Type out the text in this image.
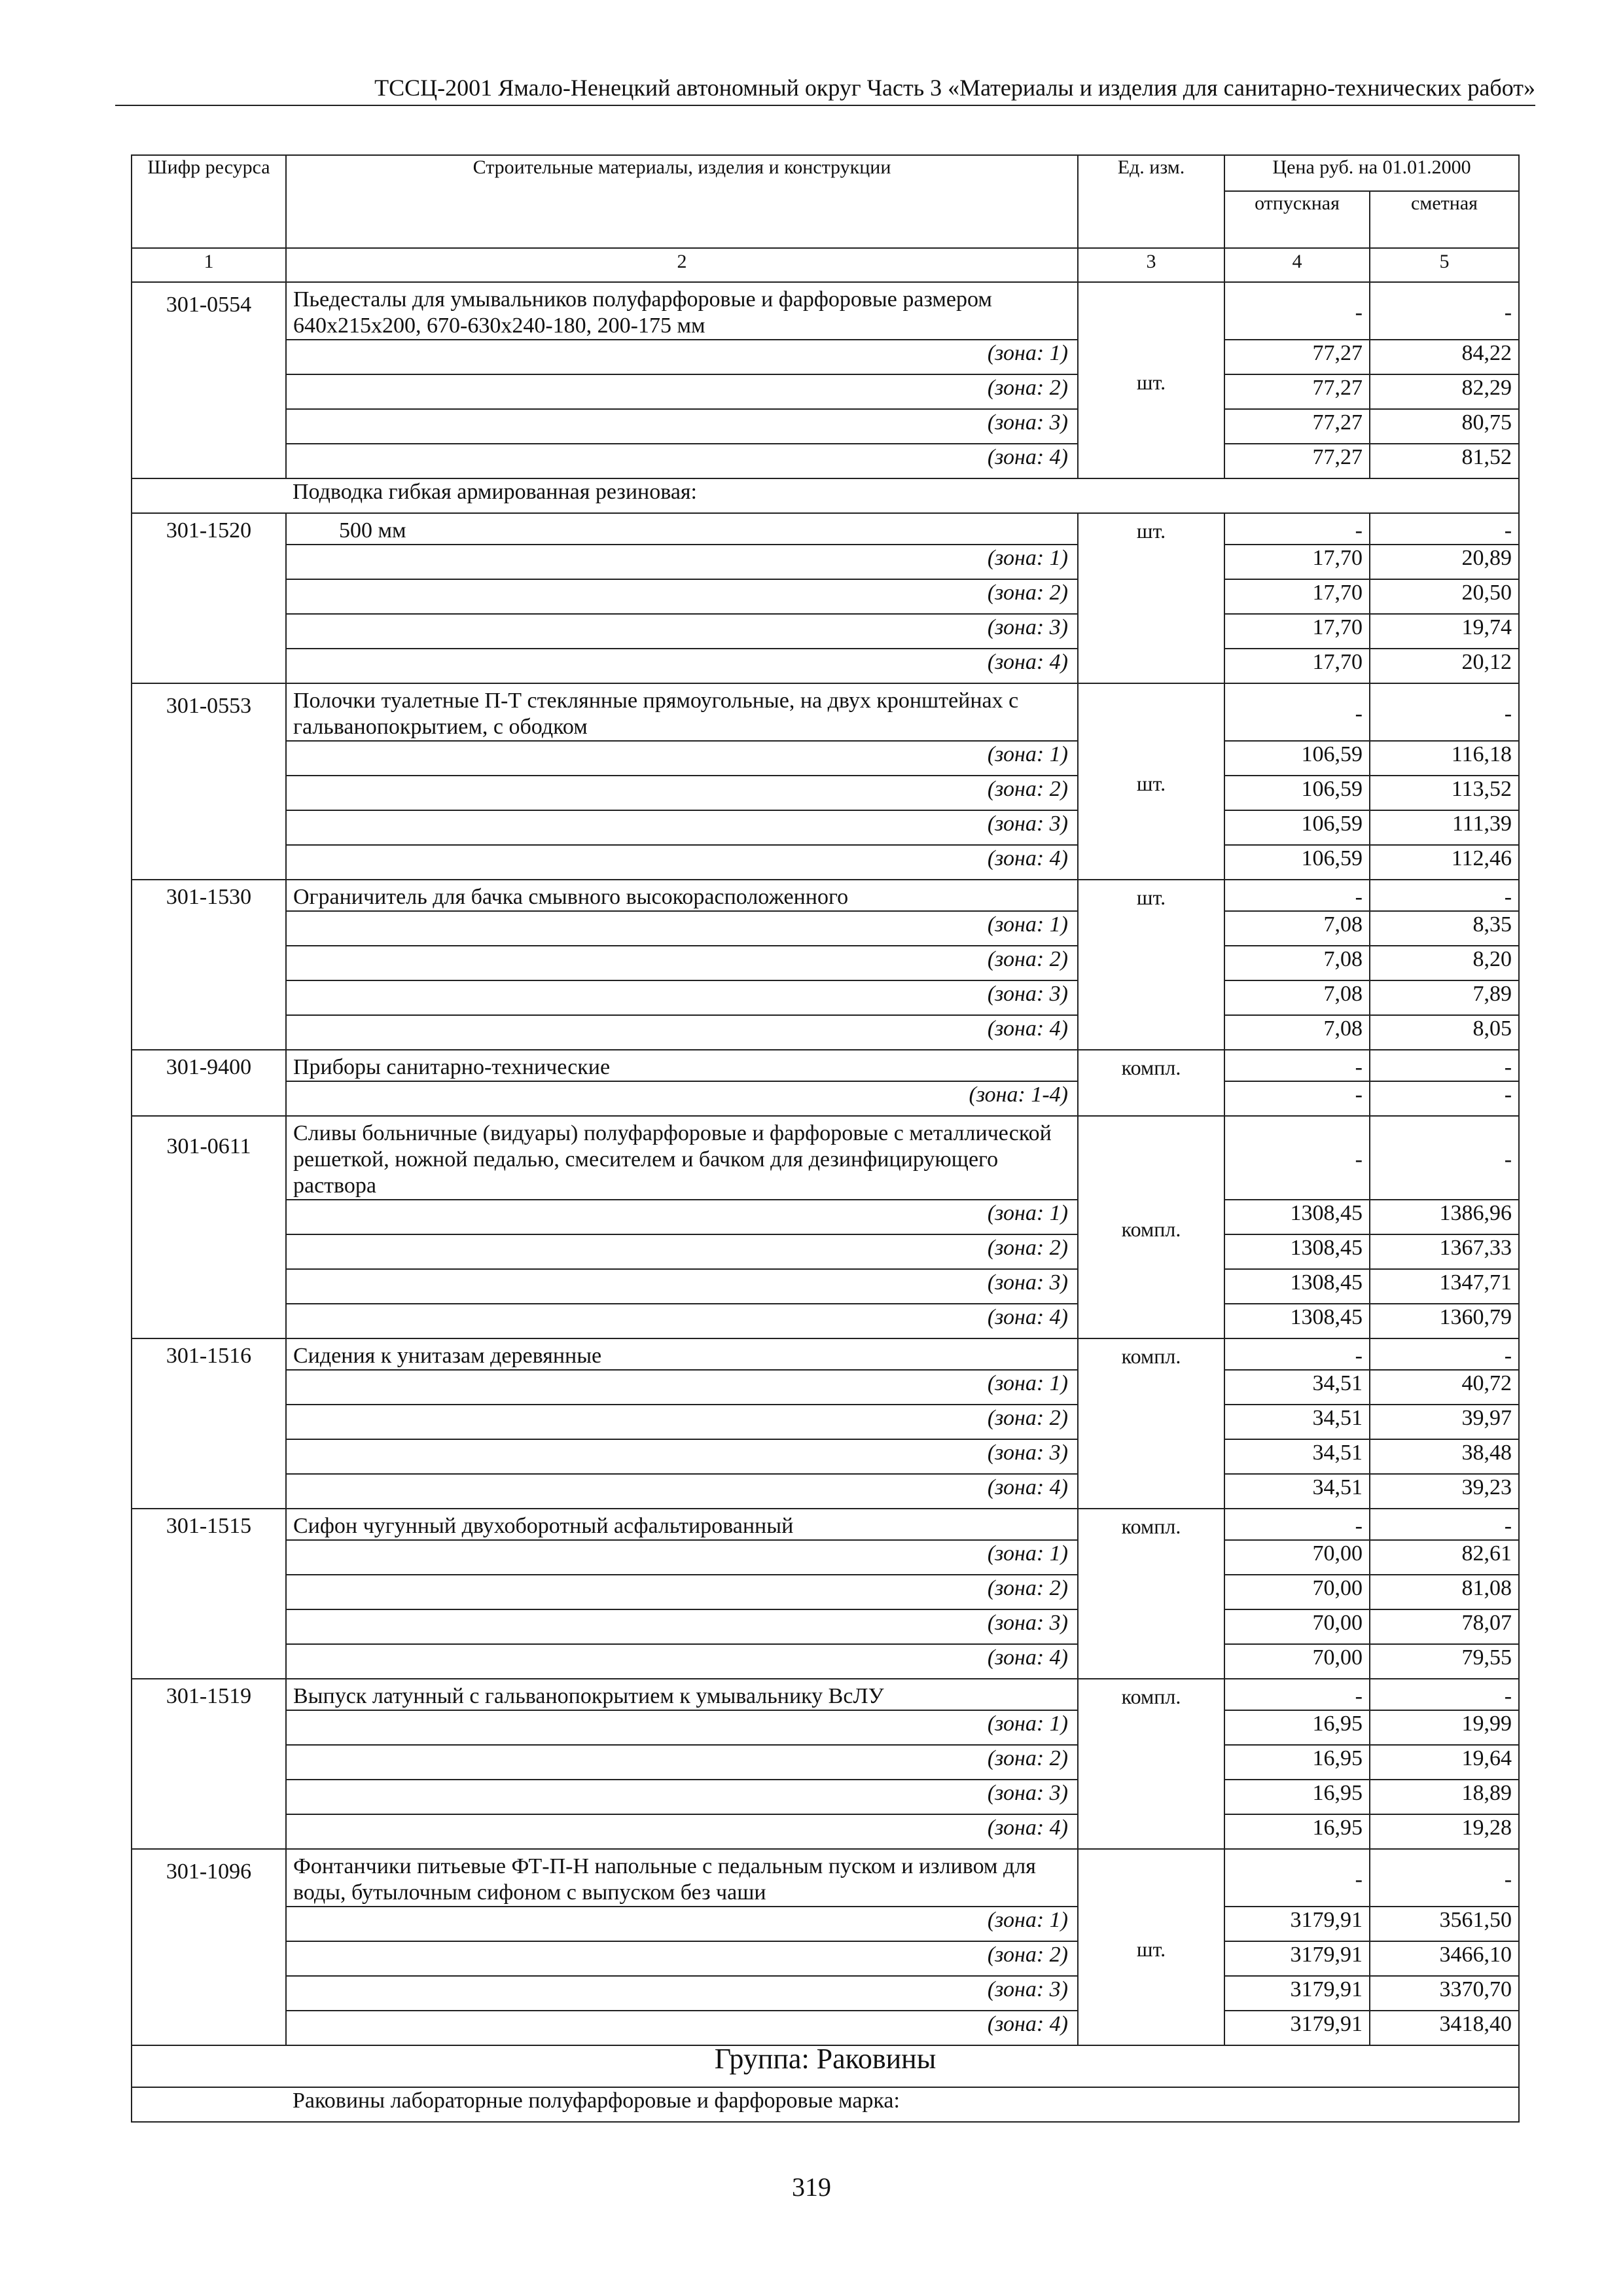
ТССЦ-2001 Ямало-Ненецкий автономный округ Часть 3 «Материалы и изделия для санитарно-технических работ»
Шифр ресурса	Строительные материалы, изделия и конструкции	Ед. изм.	Цена руб. на 01.01.2000	
			отпускная	сметная
1	2	3	4	5
301-0554	Пьедесталы для умывальников полуфарфоровые и фарфоровые размером 640x215x200, 670-630x240-180, 200-175 мм	шт.	-	-
	(зона: 1)		77,27	84,22
	(зона: 2)		77,27	82,29
	(зона: 3)		77,27	80,75
	(зона: 4)		77,27	81,52
	Подводка гибкая армированная резиновая:			
301-1520	500 мм	шт.	-	-
	(зона: 1)		17,70	20,89
	(зона: 2)		17,70	20,50
	(зона: 3)		17,70	19,74
	(зона: 4)		17,70	20,12
301-0553	Полочки туалетные П-Т стеклянные прямоугольные, на двух кронштейнах с гальванопокрытием, с ободком	шт.	-	-
	(зона: 1)		106,59	116,18
	(зона: 2)		106,59	113,52
	(зона: 3)		106,59	111,39
	(зона: 4)		106,59	112,46
301-1530	Ограничитель для бачка смывного высокорасположенного	шт.	-	-
	(зона: 1)		7,08	8,35
	(зона: 2)		7,08	8,20
	(зона: 3)		7,08	7,89
	(зона: 4)		7,08	8,05
301-9400	Приборы санитарно-технические	компл.	-	-
	(зона: 1-4)		-	-
301-0611	Сливы больничные (видуары) полуфарфоровые и фарфоровые с металлической решеткой, ножной педалью, смесителем и бачком для дезинфицирующего раствора	компл.	-	-
	(зона: 1)		1308,45	1386,96
	(зона: 2)		1308,45	1367,33
	(зона: 3)		1308,45	1347,71
	(зона: 4)		1308,45	1360,79
301-1516	Сидения к унитазам деревянные	компл.	-	-
	(зона: 1)		34,51	40,72
	(зона: 2)		34,51	39,97
	(зона: 3)		34,51	38,48
	(зона: 4)		34,51	39,23
301-1515	Сифон чугунный двухоборотный асфальтированный	компл.	-	-
	(зона: 1)		70,00	82,61
	(зона: 2)		70,00	81,08
	(зона: 3)		70,00	78,07
	(зона: 4)		70,00	79,55
301-1519	Выпуск латунный с гальванопокрытием к умывальнику ВсЛУ	компл.	-	-
	(зона: 1)		16,95	19,99
	(зона: 2)		16,95	19,64
	(зона: 3)		16,95	18,89
	(зона: 4)		16,95	19,28
301-1096	Фонтанчики питьевые ФТ-П-Н напольные с педальным пуском и изливом для воды, бутылочным сифоном с выпуском без чаши	шт.	-	-
	(зона: 1)		3179,91	3561,50
	(зона: 2)		3179,91	3466,10
	(зона: 3)		3179,91	3370,70
	(зона: 4)		3179,91	3418,40
Группа: Раковины				
	Раковины лабораторные полуфарфоровые и фарфоровые марка:			
319
